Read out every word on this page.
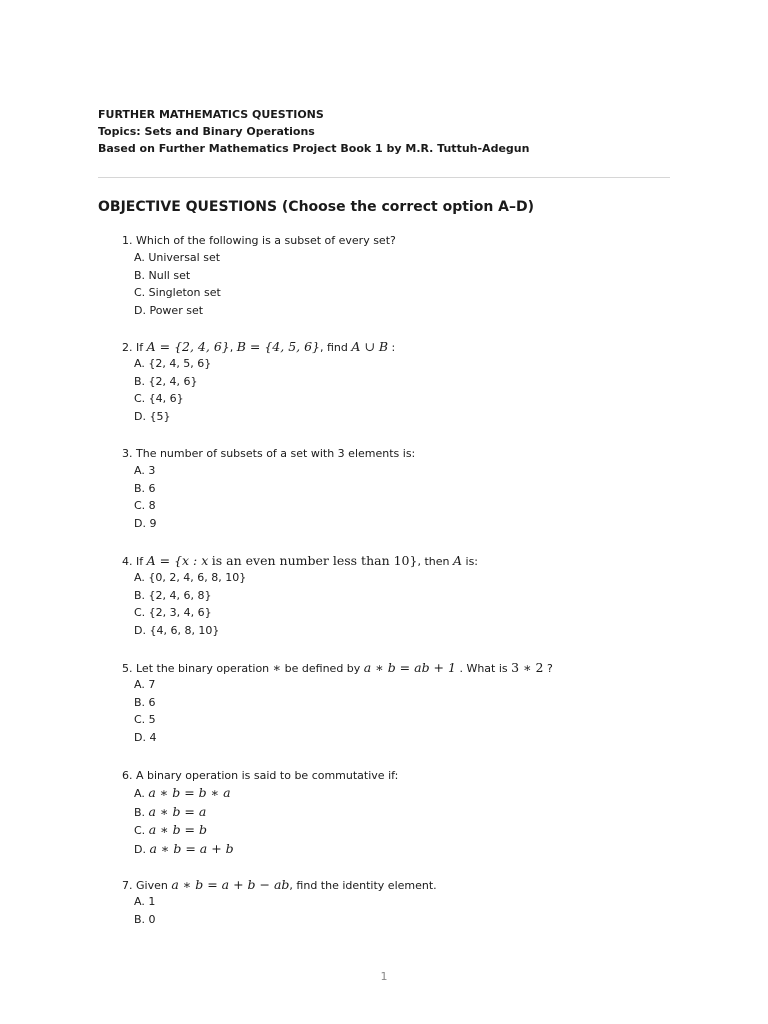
FURTHER MATHEMATICS QUESTIONS
Topics: Sets and Binary Operations
Based on Further Mathematics Project Book 1 by M.R. Tuttuh-Adegun
OBJECTIVE QUESTIONS (Choose the correct option A–D)
1. Which of the following is a subset of every set?
A. Universal set
B. Null set
C. Singleton set
D. Power set
2. If A = {2, 4, 6}, B = {4, 5, 6}, find A ∪ B :
A. {2, 4, 5, 6}
B. {2, 4, 6}
C. {4, 6}
D. {5}
3. The number of subsets of a set with 3 elements is:
A. 3
B. 6
C. 8
D. 9
4. If A = {x : x is an even number less than 10}, then A is:
A. {0, 2, 4, 6, 8, 10}
B. {2, 4, 6, 8}
C. {2, 3, 4, 6}
D. {4, 6, 8, 10}
5. Let the binary operation ∗ be defined by a ∗ b = ab + 1 . What is 3 ∗ 2 ?
A. 7
B. 6
C. 5
D. 4
6. A binary operation is said to be commutative if:
A. a ∗ b = b ∗ a
B. a ∗ b = a
C. a ∗ b = b
D. a ∗ b = a + b
7. Given a ∗ b = a + b − ab, find the identity element.
A. 1
B. 0
1
